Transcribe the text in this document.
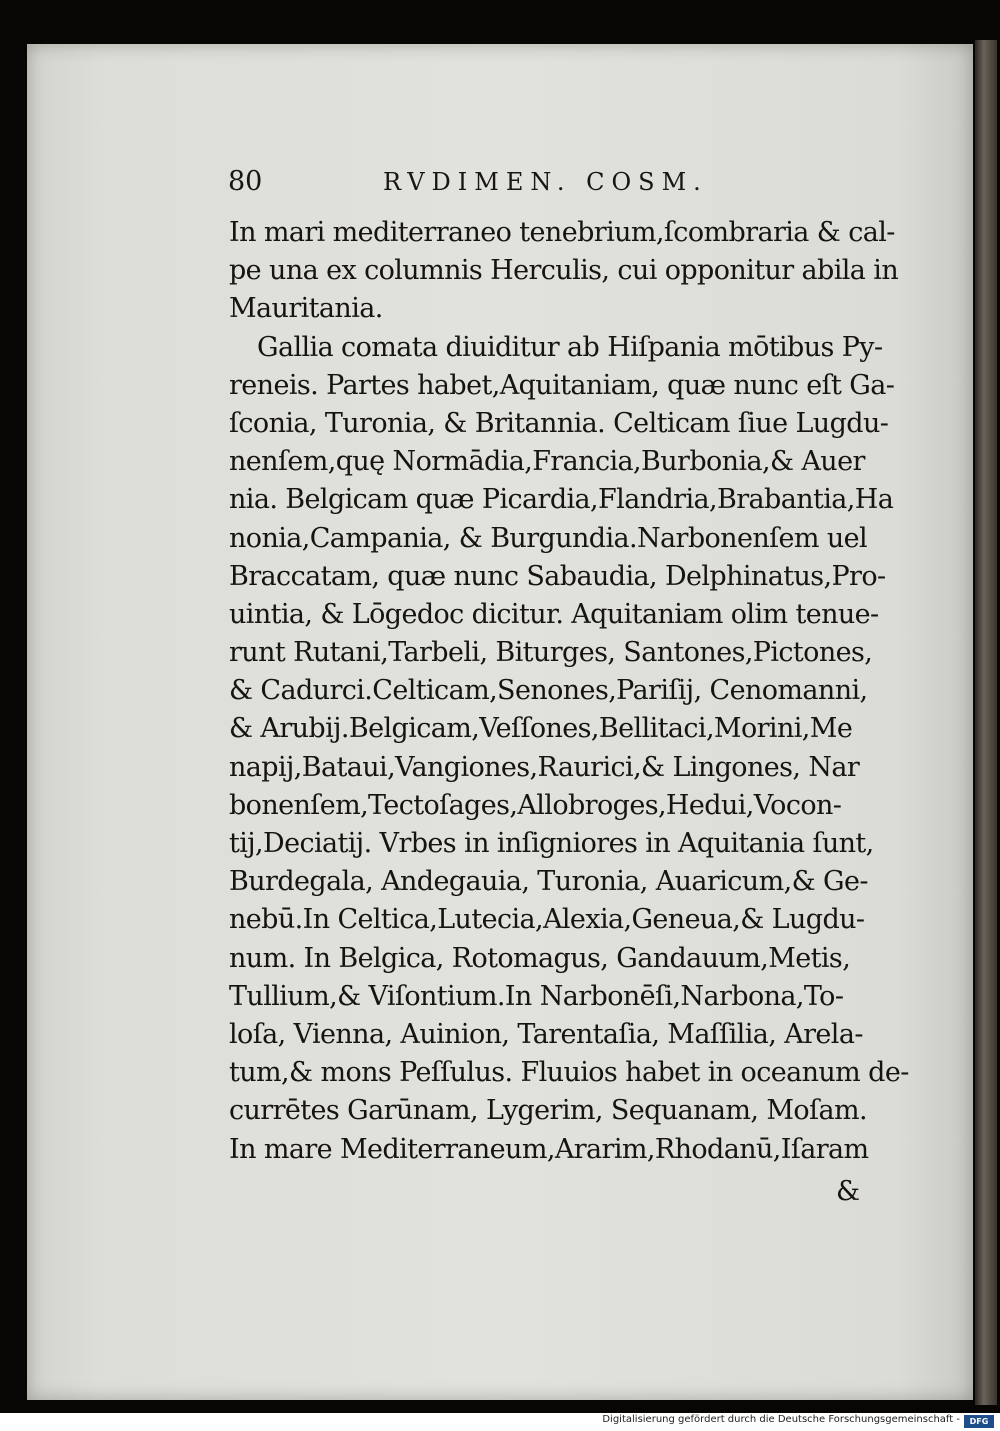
80	RVDIMEN. COSM.
In mari mediterraneo tenebrium,ſcombraria & cal-
pe una ex columnis Herculis, cui opponitur abila in
Mauritania.
Gallia comata diuiditur ab Hiſpania mōtibus Py-
reneis. Partes habet,Aquitaniam, quæ nunc eſt Ga-
ſconia, Turonia, & Britannia. Celticam ſiue Lugdu-
nenſem,quę Normādia,Francia,Burbonia,& Auer
nia. Belgicam quæ Picardia,Flandria,Brabantia,Ha
nonia,Campania, & Burgundia.Narbonenſem uel
Braccatam, quæ nunc Sabaudia, Delphinatus,Pro-
uintia, & Lōgedoc dicitur. Aquitaniam olim tenue-
runt Rutani,Tarbeli, Biturges, Santones,Pictones,
& Cadurci.Celticam,Senones,Pariſij, Cenomanni,
& Arubij.Belgicam,Veſſones,Bellitaci,Morini,Me
napij,Bataui,Vangiones,Raurici,& Lingones, Nar
bonenſem,Tectoſages,Allobroges,Hedui,Vocon-
tij,Deciatij. Vrbes in inſigniores in Aquitania ſunt,
Burdegala, Andegauia, Turonia, Auaricum,& Ge-
nebū.In Celtica,Lutecia,Alexia,Geneua,& Lugdu-
num. In Belgica, Rotomagus, Gandauum,Metis,
Tullium,& Viſontium.In Narbonēſi,Narbona,To-
loſa, Vienna, Auinion, Tarentaſia, Maſſilia, Arela-
tum,& mons Peſſulus. Fluuios habet in oceanum de-
currētes Garūnam, Lygerim, Sequanam, Moſam.
In mare Mediterraneum,Ararim,Rhodanū,Iſaram
&
Digitalisierung gefördert durch die Deutsche Forschungsgemeinschaft -	DFG
